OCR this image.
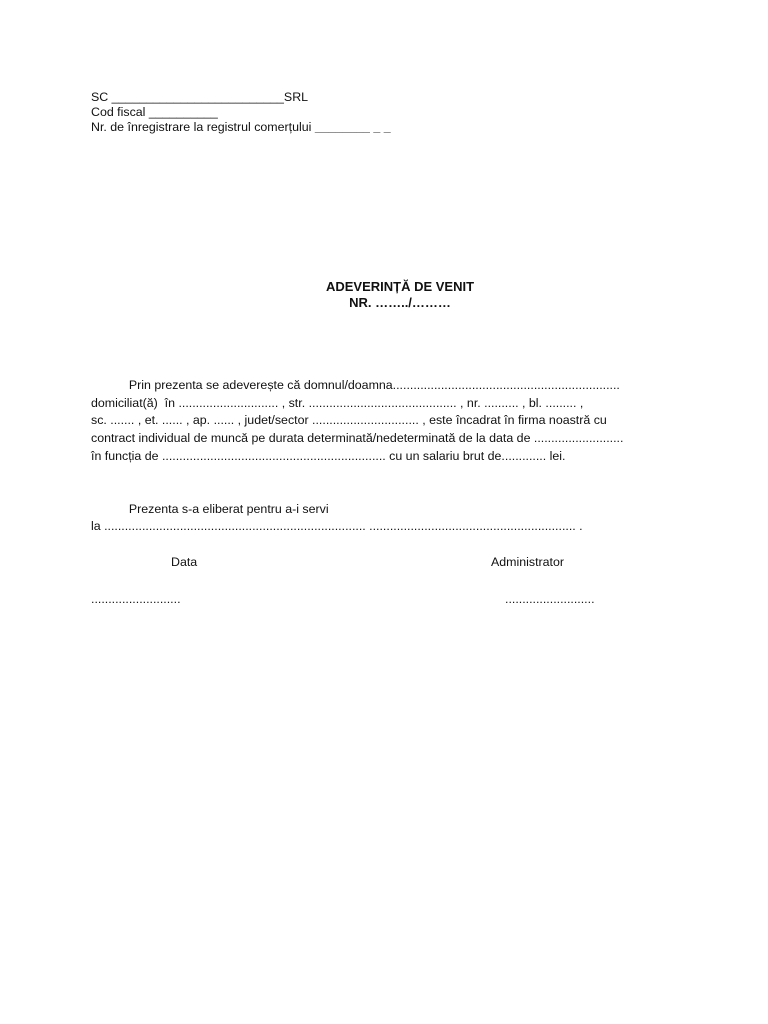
SC _________________________SRL
Cod fiscal __________
Nr. de înregistrare la registrul comerțului ________ _ _
ADEVERINȚĂ DE VENIT
NR. ……../………
Prin prezenta se adeverește că domnul/doamna..................................................................
domiciliat(ă)  în ............................. , str. ........................................... , nr. .......... , bl. ......... ,
sc. ....... , et. ...... , ap. ...... , judet/sector ............................... , este încadrat în firma noastră cu
contract individual de muncă pe durata determinată/nedeterminată de la data de ..........................
în funcția de ................................................................. cu un salariu brut de............. lei.
Prezenta s-a eliberat pentru a-i servi
la ............................................................................ ............................................................ .
Data	Administrator
..........................	..........................
